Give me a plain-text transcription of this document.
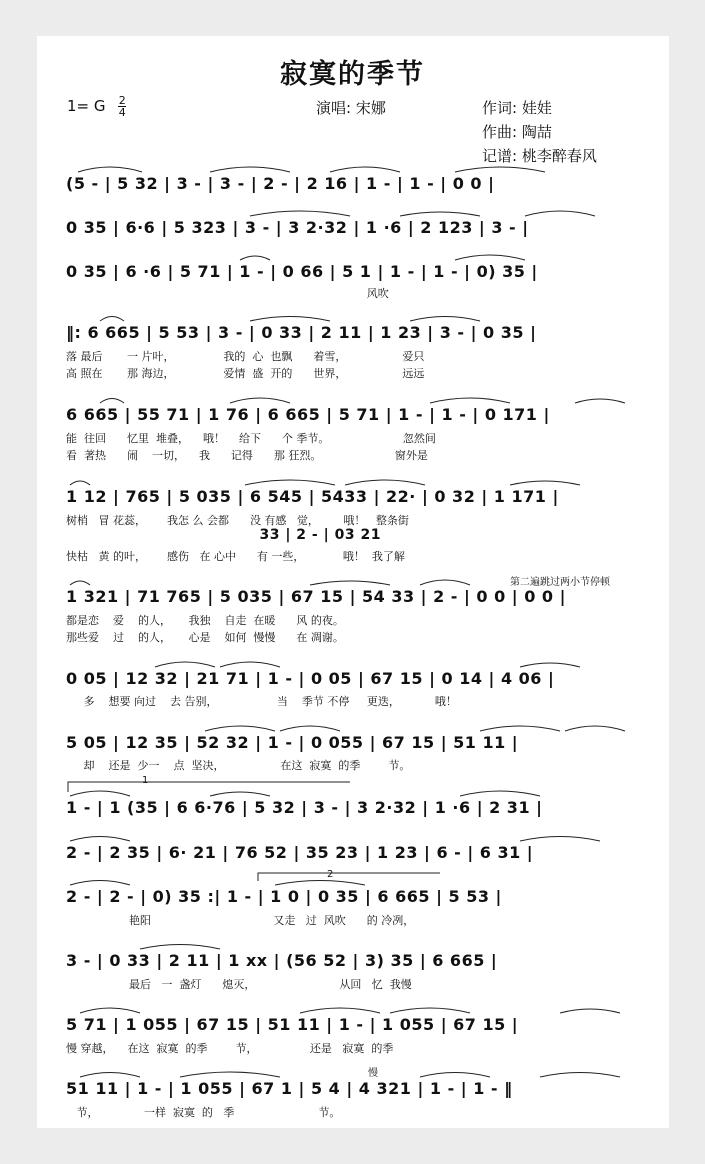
寂寞的季节
1= G $\frac{2}{4}$	演唱: 宋娜	作词: 娃娃
作曲: 陶喆
记谱: 桃李醉春风
(5 - | 5 32 | 3 - | 3 - | 2 - | 2 16 | 1 - | 1 - | 0 0 |
0 35 | 6·6 | 5 323 | 3 - | 3 2·32 | 1 ·6 | 2 123 | 3 - |
0 35 | 6 ·6 | 5 71 | 1 - | 0 66 | 5 1 | 1 - | 1 - | 0) 35 |
风吹
‖: 6 665 | 5 53 | 3 - | 0 33 | 2 11 | 1 23 | 3 - | 0 35 |
落 最后       一 片叶，              我的  心  也飘      着雪，                爱只
高 照在       那 海边，              爱情  盛  开的      世界，                远远
6 665 | 55 71 | 1 76 | 6 665 | 5 71 | 1 - | 1 - | 0 171 |
能  往回      忆里  堆叠，    哦！    给下      个 季节。                     忽然间
看  著热      闹    一切，    我      记得      那 狂烈。                     窗外是
1 12 | 765 | 5 035 | 6 545 | 5433 | 22· | 0 32 | 1 171 |
树梢   冒 花蕊，      我怎 么 会都      没 有感   觉，       哦！   整条街
33 | 2 - | 03 21
快枯   黄 的叶，      感伤   在 心中      有 一些，           哦！  我了解
第二遍跳过两小节停顿
1 321 | 71 765 | 5 035 | 67 15 | 54 33 | 2 - | 0 0 | 0 0 |
都是恋    爱    的人，     我独    自走  在暖      风 的夜。
那些爱    过    的人，     心是    如何  慢慢      在 凋谢。
0 05 | 12 32 | 21 71 | 1 - | 0 05 | 67 15 | 0 14 | 4 06 |
多    想要 向过    去 告别，                 当    季节 不停     更迭，          哦！
5 05 | 12 35 | 52 32 | 1 - | 0 055 | 67 15 | 51 11 |
却    还是  少一    点  坚决，                在这  寂寞  的季        节。
1
1 - | 1 (35 | 6 6·76 | 5 32 | 3 - | 3 2·32 | 1 ·6 | 2 31 |
2 - | 2 35 | 6· 21 | 76 52 | 35 23 | 1 23 | 6 - | 6 31 |
2
2 - | 2 - | 0) 35 :| 1 - | 1 0 | 0 35 | 6 665 | 5 53 |
艳阳                                   又走   过  风吹      的 冷冽，
3 - | 0 33 | 2 11 | 1 xx | (56 52 | 3) 35 | 6 665 |
最后   一  盏灯      熄灭，                        从回   忆  我慢
5 71 | 1 055 | 67 15 | 51 11 | 1 - | 1 055 | 67 15 |
慢 穿越，    在这  寂寞  的季        节，               还是   寂寞  的季
慢
51 11 | 1 - | 1 055 | 67 1 | 5 4 | 4 321 | 1 - | 1 - ‖
节，             一样  寂寞  的   季                        节。
